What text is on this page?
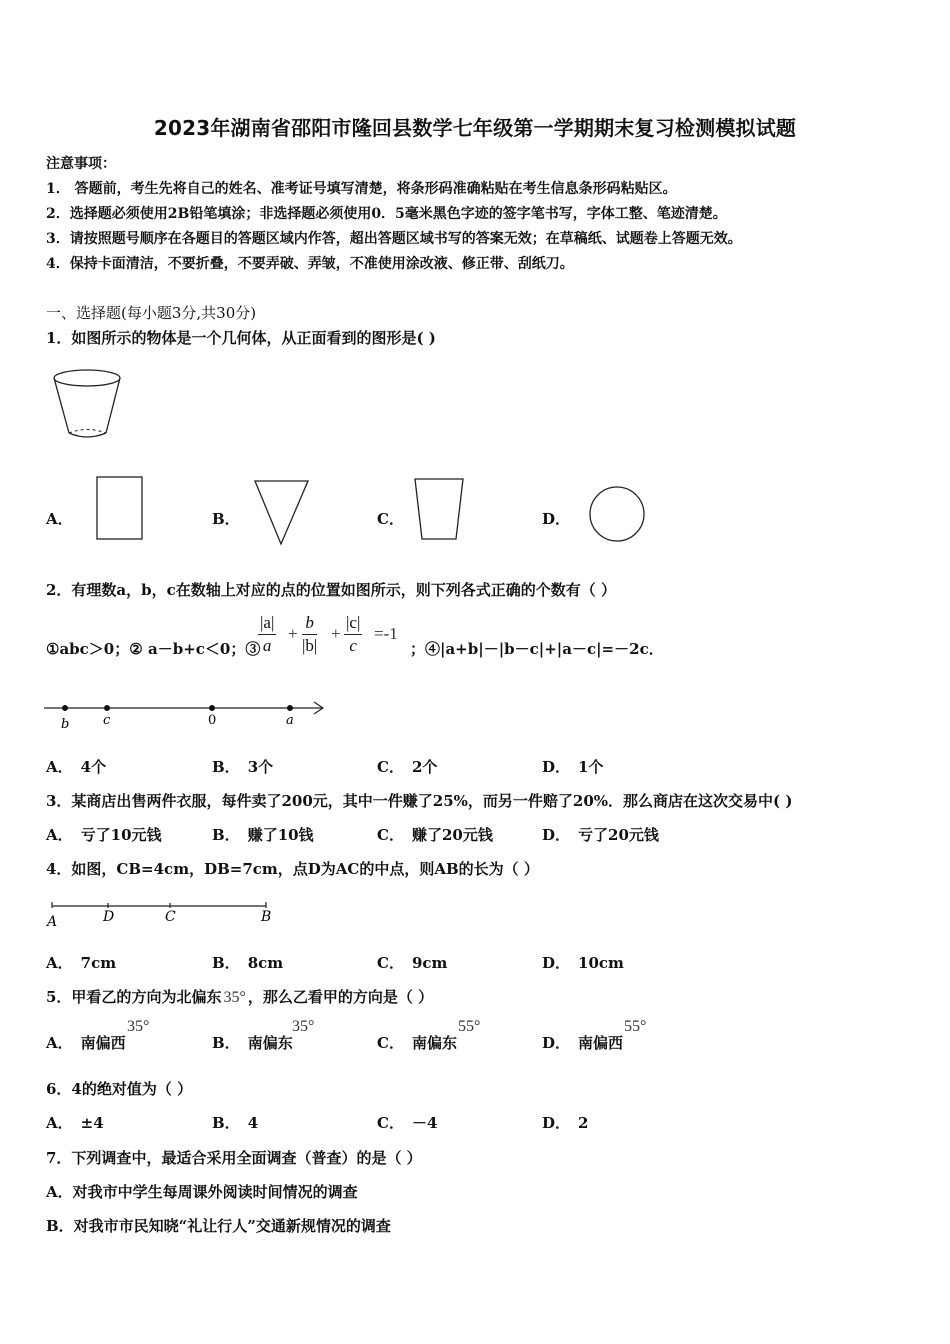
2023年湖南省邵阳市隆回县数学七年级第一学期期末复习检测模拟试题
注意事项：
1． 答题前，考生先将自己的姓名、准考证号填写清楚，将条形码准确粘贴在考生信息条形码粘贴区。
2．选择题必须使用2B铅笔填涂；非选择题必须使用0．5毫米黑色字迹的签字笔书写，字体工整、笔迹清楚。
3．请按照题号顺序在各题目的答题区域内作答，超出答题区域书写的答案无效；在草稿纸、试题卷上答题无效。
4．保持卡面清洁，不要折叠，不要弄破、弄皱，不准使用涂改液、修正带、刮纸刀。
一、选择题(每小题3分,共30分)
1．如图所示的物体是一个几何体，从正面看到的图形是( )
A．	B．	C．	D．
2．有理数a，b，c在数轴上对应的点的位置如图所示，则下列各式正确的个数有（ ）
①abc＞0；② a－b+c＜0；③
$\frac{|a|}{a} + \frac{b}{|b|} + \frac{|c|}{c} =-1$
；④|a+b|－|b－c|+|a－c|=－2c．
b	c	0	a
A． 4个	B． 3个	C． 2个	D． 1个
3．某商店出售两件衣服，每件卖了200元，其中一件赚了25%，而另一件赔了20%．那么商店在这次交易中( )
A． 亏了10元钱	B． 赚了10钱	C． 赚了20元钱	D． 亏了20元钱
4．如图，CB=4cm，DB=7cm，点D为AC的中点，则AB的长为（ ）
A	D	C	B
A． 7cm	B． 8cm	C． 9cm	D． 10cm
5．甲看乙的方向为北偏东 35° ，那么乙看甲的方向是（ ）
A． 南偏西
35°
B． 南偏东
35°
C． 南偏东
55°
D． 南偏西
55°
6．4的绝对值为（ ）
A． ±4	B． 4	C． －4	D． 2
7．下列调查中，最适合采用全面调查（普查）的是（ ）
A．对我市中学生每周课外阅读时间情况的调查
B．对我市市民知晓“礼让行人”交通新规情况的调查
